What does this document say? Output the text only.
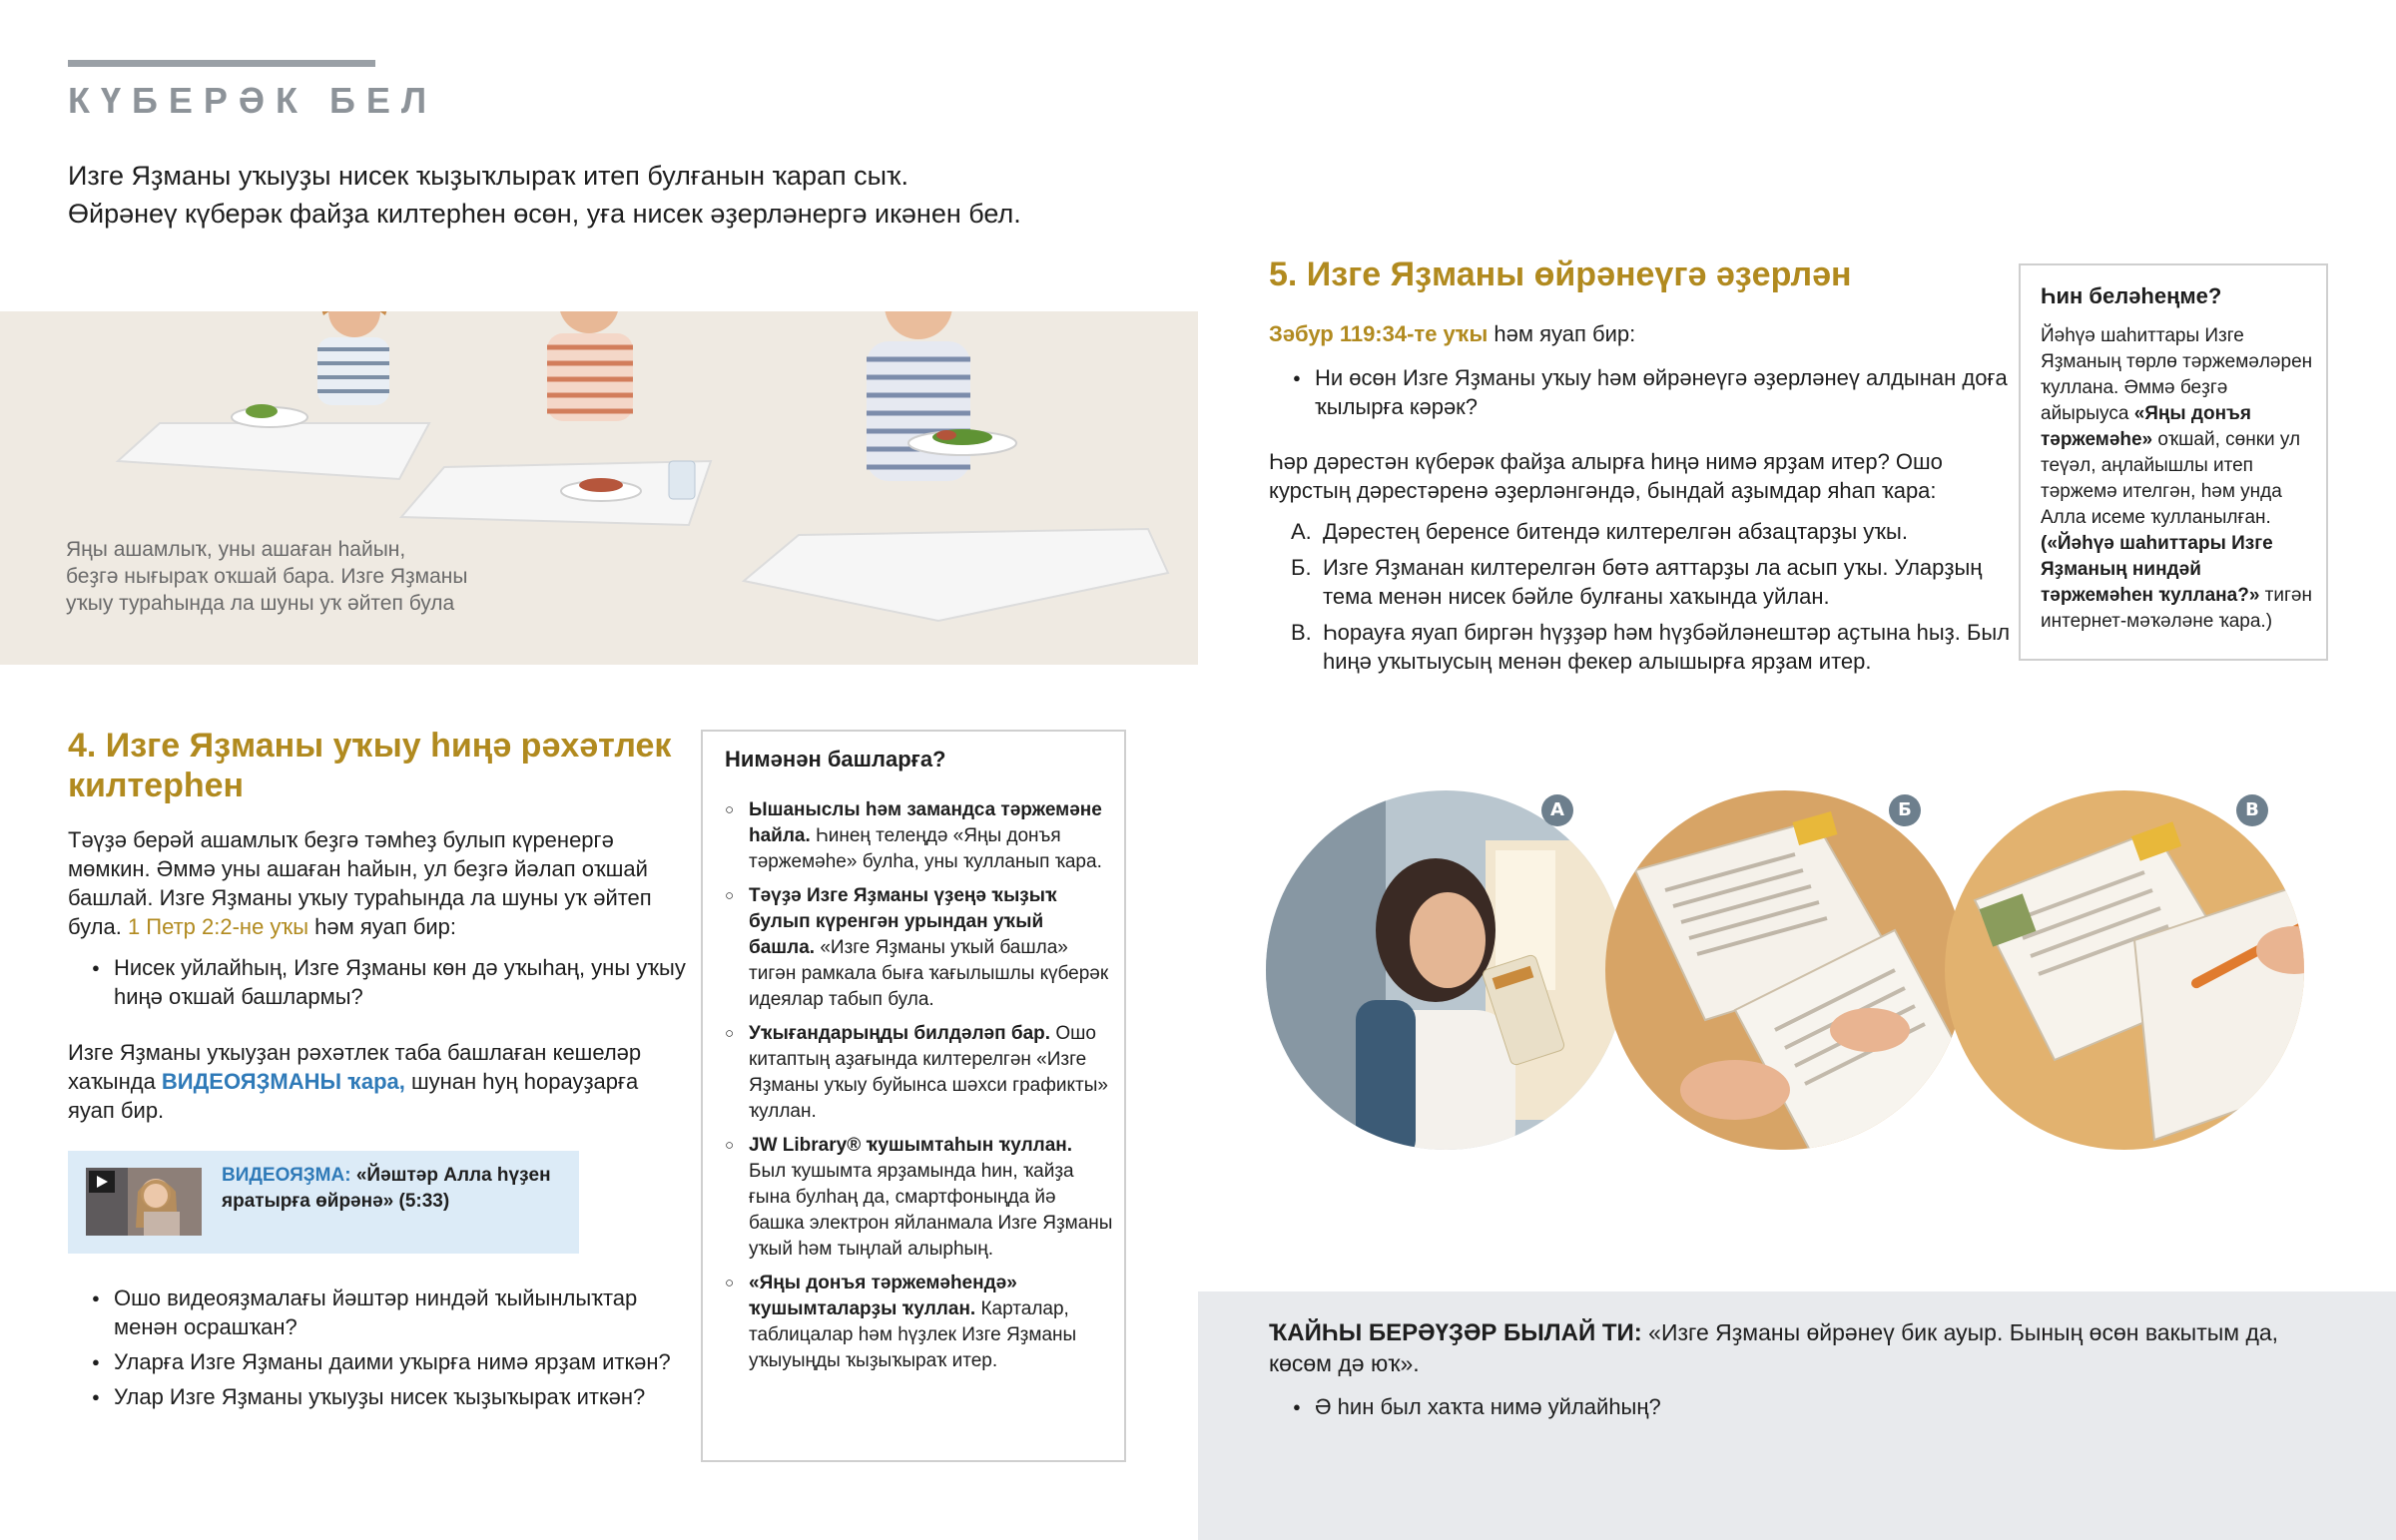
КҮБЕРӘК БЕЛ

Изге Яҙманы уҡыуҙы нисек ҡыҙыҡлыраҡ итеп булғанын ҡарап сыҡ.

Өйрәнеү күберәк файҙа килтерһен өсөн, уға нисек әҙерләнергә икәнен бел.

Яңы ашамлыҡ, уны ашаған һайын,
беҙгә нығыраҡ оҡшай бара. Изге Яҙманы
уҡыу тураһында ла шуны уҡ әйтеп була
4. Изге Яҙманы уҡыу һиңә рәхәтлек килтерһен
Тәүҙә берәй ашамлыҡ беҙгә тәмһеҙ булып күренергә мөмкин. Әммә уны ашаған һайын, ул беҙгә йәлап оҡшай башлай. Изге Яҙманы уҡыу тураһында ла шуны уҡ әйтеп була. 1 Петр 2:2-не уҡы һәм яуап бир:
● Нисек уйлайһың, Изге Яҙманы көн дә уҡыһаң, уны уҡыу һиңә оҡшай башлармы?
Изге Яҙманы уҡыуҙан рәхәтлек таба башлаған кешеләр хаҡында ВИДЕОЯҘМАНЫ ҡара, шунан һуң һорауҙарға яуап бир.
ВИДЕОЯҘМА: «Йәштәр Алла һүҙен яратырға өйрәнә» (5:33)
● Ошо видеояҙмалағы йәштәр ниндәй ҡыйынлыҡтар менән осрашҡан?
● Уларға Изге Яҙманы даими уҡырға нимә ярҙам иткән?
● Улар Изге Яҙманы уҡыуҙы нисек ҡыҙыҡыраҡ иткән?
Нимәнән башларға?
○ Ышаныслы һәм замандса тәржемәне һайла. Һинең телеңдә «Яңы донъя тәржемәһе» булһа, уны ҡулланып ҡара.
○ Тәүҙә Изге Яҙманы үҙеңә ҡыҙыҡ булып күренгән урындан уҡый башла. «Изге Яҙманы уҡый башла» тигән рамкала быға ҡағылышлы күберәк идеялар табып була.
○ Уҡығандарыңды билдәләп бар. Ошо китаптың аҙағында килтерелгән «Изге Яҙманы уҡыу буйынса шәхси графикты» ҡуллан.
○ JW Library® ҡушымтаһын ҡуллан. Был ҡушымта ярҙамында һин, ҡайҙа ғына булһаң да, смартфоныңда йә башка электрон яйланмала Изге Яҙманы уҡый һәм тыңлай алырһың.
○ «Яңы донъя тәржемәһендә» ҡушымталарҙы ҡуллан. Карталар, таблицалар һәм һүҙлек Изге Яҙманы уҡыуыңды ҡыҙыҡыраҡ итер.
5. Изге Яҙманы өйрәнеүгә әҙерлән
Зәбур 119:34-те уҡы һәм яуап бир:
● Ни өсөн Изге Яҙманы уҡыу һәм өйрәнеүгә әҙерләнеү алдынан доға ҡылырға кәрәк?
Һәр дәрестән күберәк файҙа алырға һиңә нимә ярҙам итер? Ошо курстың дәрестәренә әҙерләнгәндә, бындай аҙымдар яһап ҡара:
А. Дәрестең беренсе битендә килтерелгән абзацтарҙы уҡы.
Б. Изге Яҙманан килтерелгән бөтә аяттарҙы ла асып уҡы. Уларҙың тема менән нисек бәйле булғаны хаҡында уйлан.
В. Һорауға яуап биргән һүҙҙәр һәм һүҙбәйләнештәр аҫтына һыҙ. Был һиңә уҡытыусың менән фекер алышырға ярҙам итер.
Һин беләһеңме?
Йәһүә шаһиттары Изге Яҙманың төрлө тәржемәләрен ҡуллана. Әммә беҙгә айырыуса «Яңы донъя тәржемәһе» оҡшай, сөнки ул теүәл, аңлайышлы итеп тәржемә ителгән, һәм унда Алла исеме ҡулланылған. («Йәһүә шаһиттары Изге Яҙманың ниндәй тәржемәһен ҡуллана?» тигән интернет-мәҡәләне ҡара.)
А	Б	В
ҠАЙҺЫ БЕРӘҮҘӘР БЫЛАЙ ТИ: «Изге Яҙманы өйрәнеү бик ауыр. Бының өсөн вакытым да, көсөм дә юҡ».
● Ә һин был хаҡта нимә уйлайһың?
